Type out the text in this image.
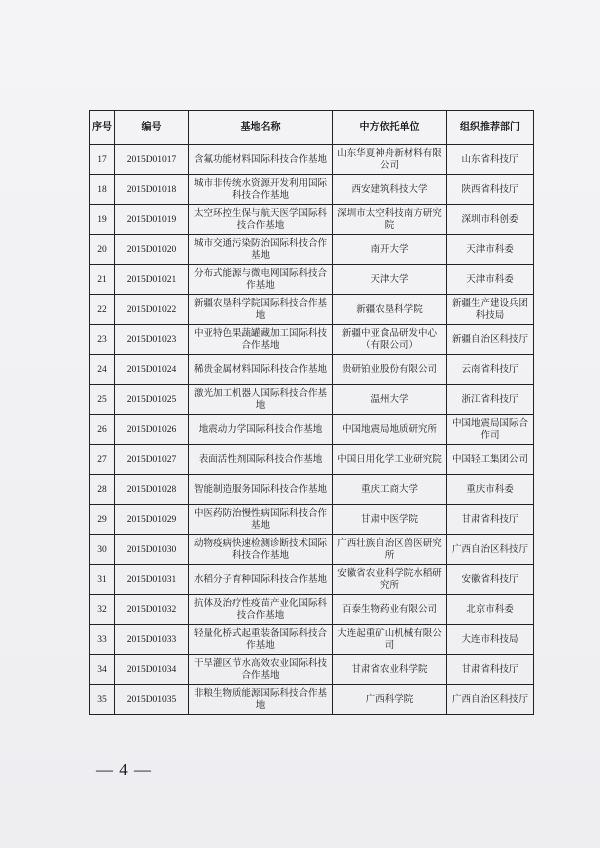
序号	编号	基地名称	中方依托单位	组织推荐部门
17	2015D01017	含氟功能材料国际科技合作基地	山东华夏神舟新材料有限公司	山东省科技厅
18	2015D01018	城市非传统水资源开发利用国际科技合作基地	西安建筑科技大学	陕西省科技厅
19	2015D01019	太空环控生保与航天医学国际科技合作基地	深圳市太空科技南方研究院	深圳市科创委
20	2015D01020	城市交通污染防治国际科技合作基地	南开大学	天津市科委
21	2015D01021	分布式能源与微电网国际科技合作基地	天津大学	天津市科委
22	2015D01022	新疆农垦科学院国际科技合作基地	新疆农垦科学院	新疆生产建设兵团科技局
23	2015D01023	中亚特色果蔬罐藏加工国际科技合作基地	新疆中亚食品研发中心（有限公司）	新疆自治区科技厅
24	2015D01024	稀贵金属材料国际科技合作基地	贵研铂业股份有限公司	云南省科技厅
25	2015D01025	激光加工机器人国际科技合作基地	温州大学	浙江省科技厅
26	2015D01026	地震动力学国际科技合作基地	中国地震局地质研究所	中国地震局国际合作司
27	2015D01027	表面活性剂国际科技合作基地	中国日用化学工业研究院	中国轻工集团公司
28	2015D01028	智能制造服务国际科技合作基地	重庆工商大学	重庆市科委
29	2015D01029	中医药防治慢性病国际科技合作基地	甘肃中医学院	甘肃省科技厅
30	2015D01030	动物疫病快速检测诊断技术国际科技合作基地	广西壮族自治区兽医研究所	广西自治区科技厅
31	2015D01031	水稻分子育种国际科技合作基地	安徽省农业科学院水稻研究所	安徽省科技厅
32	2015D01032	抗体及治疗性疫苗产业化国际科技合作基地	百泰生物药业有限公司	北京市科委
33	2015D01033	轻量化桥式起重装备国际科技合作基地	大连起重矿山机械有限公司	大连市科技局
34	2015D01034	干旱灌区节水高效农业国际科技合作基地	甘肃省农业科学院	甘肃省科技厅
35	2015D01035	非粮生物质能源国际科技合作基地	广西科学院	广西自治区科技厅
— 4 —
